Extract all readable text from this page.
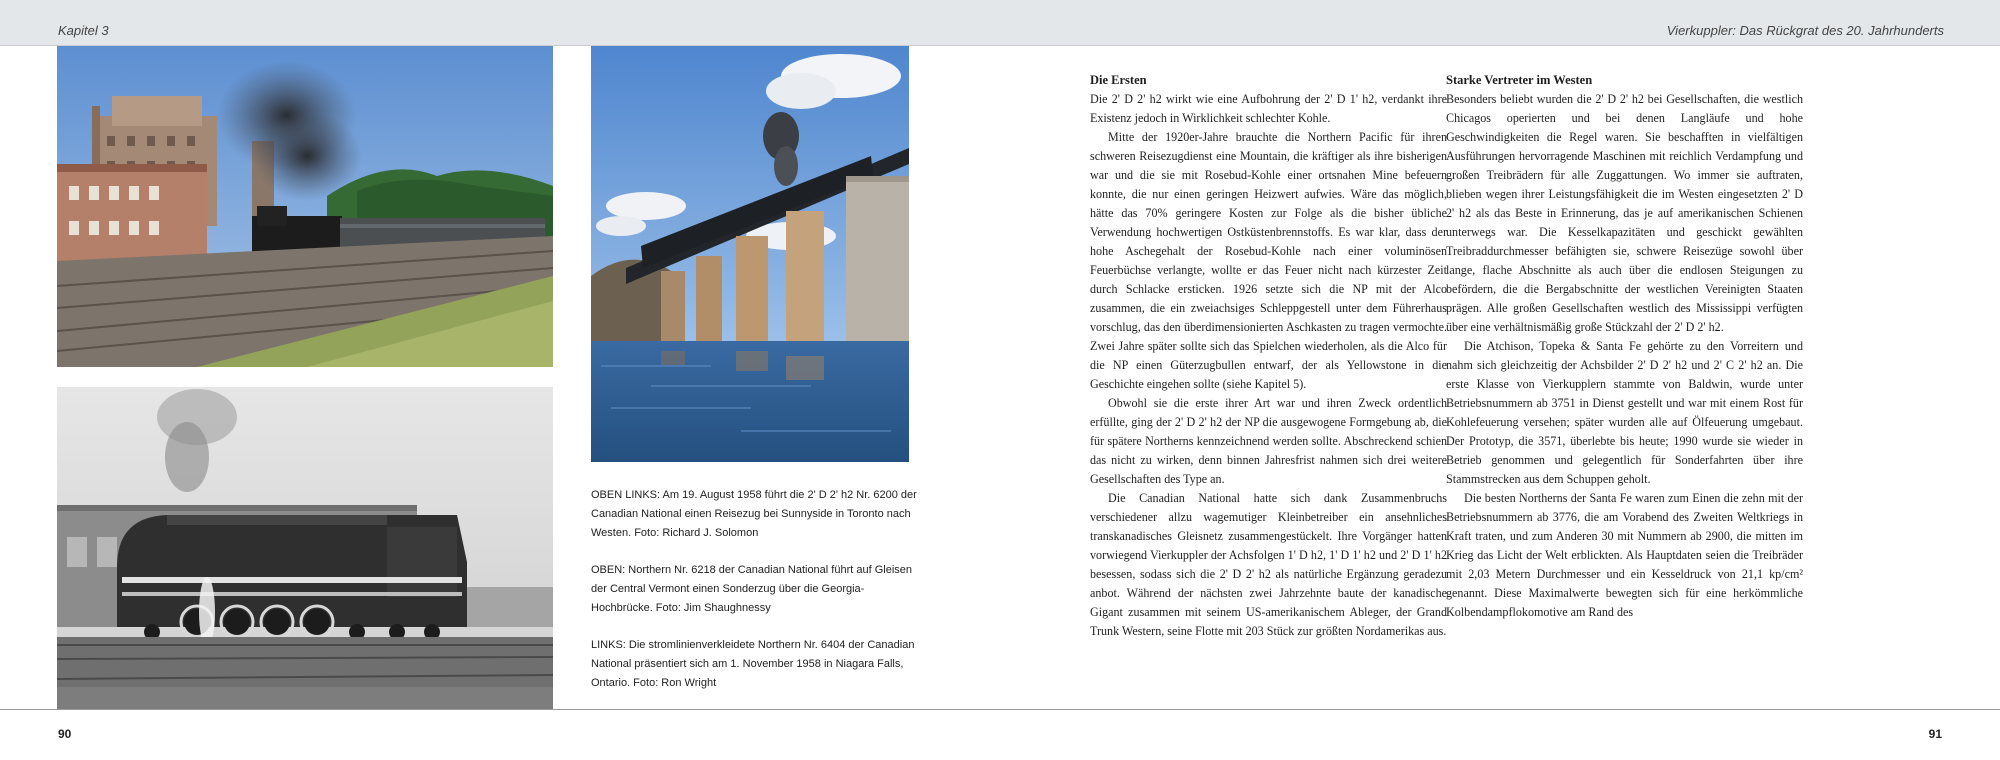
Kapitel 3	Vierkuppler: Das Rückgrat des 20. Jahrhunderts

OBEN LINKS: Am 19. August 1958 führt die 2' D 2' h2 Nr. 6200 der Canadian National einen Reisezug bei Sunnyside in Toronto nach Westen. Foto: Richard J. Solomon

OBEN: Northern Nr. 6218 der Canadian National führt auf Gleisen der Central Vermont einen Sonderzug über die Georgia-Hochbrücke. Foto: Jim Shaughnessy

LINKS: Die stromlinienverkleidete Northern Nr. 6404 der Canadian National präsentiert sich am 1. November 1958 in Niagara Falls, Ontario. Foto: Ron Wright

Die Ersten

Die 2' D 2' h2 wirkt wie eine Aufbohrung der 2' D 1' h2, verdankt ihre Existenz jedoch in Wirklichkeit schlechter Kohle.

Mitte der 1920er-Jahre brauchte die Northern Pacific für ihren schweren Reisezugdienst eine Mountain, die kräftiger als ihre bisherigen war und die sie mit Rosebud-Kohle einer ortsnahen Mine befeuern konnte, die nur einen geringen Heizwert aufwies. Wäre das möglich, hätte das 70% geringere Kosten zur Folge als die bisher übliche Verwendung hochwertigen Ostküstenbrennstoffs. Es war klar, dass der hohe Aschegehalt der Rosebud-Kohle nach einer voluminösen Feuerbüchse verlangte, wollte er das Feuer nicht nach kürzester Zeit durch Schlacke ersticken. 1926 setzte sich die NP mit der Alco zusammen, die ein zweiachsiges Schleppgestell unter dem Führerhaus vorschlug, das den überdimensionierten Aschkasten zu tragen vermochte. Zwei Jahre später sollte sich das Spielchen wiederholen, als die Alco für die NP einen Güterzugbullen entwarf, der als Yellowstone in die Geschichte eingehen sollte (siehe Kapitel 5).

Obwohl sie die erste ihrer Art war und ihren Zweck ordentlich erfüllte, ging der 2' D 2' h2 der NP die ausgewogene Formgebung ab, die für spätere Northerns kennzeichnend werden sollte. Abschreckend schien das nicht zu wirken, denn binnen Jahresfrist nahmen sich drei weitere Gesellschaften des Type an.

Die Canadian National hatte sich dank Zusammenbruchs verschiedener allzu wagemutiger Kleinbetreiber ein ansehnliches transkanadisches Gleisnetz zusammengestückelt. Ihre Vorgänger hatten vorwiegend Vierkuppler der Achsfolgen 1' D h2, 1' D 1' h2 und 2' D 1' h2 besessen, sodass sich die 2' D 2' h2 als natürliche Ergänzung geradezu anbot. Während der nächsten zwei Jahrzehnte baute der kanadische Gigant zusammen mit seinem US-amerikanischem Ableger, der Grand Trunk Western, seine Flotte mit 203 Stück zur größten Nordamerikas aus.

Starke Vertreter im Westen

Besonders beliebt wurden die 2' D 2' h2 bei Gesellschaften, die westlich Chicagos operierten und bei denen Langläufe und hohe Geschwindigkeiten die Regel waren. Sie beschafften in vielfältigen Ausführungen hervorragende Maschinen mit reichlich Verdampfung und großen Treibrädern für alle Zuggattungen. Wo immer sie auftraten, blieben wegen ihrer Leistungsfähigkeit die im Westen eingesetzten 2' D 2' h2 als das Beste in Erinnerung, das je auf amerikanischen Schienen unterwegs war. Die Kesselkapazitäten und geschickt gewählten Treibraddurchmesser befähigten sie, schwere Reisezüge sowohl über lange, flache Abschnitte als auch über die endlosen Steigungen zu befördern, die die Bergabschnitte der westlichen Vereinigten Staaten prägen. Alle großen Gesellschaften westlich des Mississippi verfügten über eine verhältnismäßig große Stückzahl der 2' D 2' h2.

Die Atchison, Topeka & Santa Fe gehörte zu den Vorreitern und nahm sich gleichzeitig der Achsbilder 2' D 2' h2 und 2' C 2' h2 an. Die erste Klasse von Vierkupplern stammte von Baldwin, wurde unter Betriebsnummern ab 3751 in Dienst gestellt und war mit einem Rost für Kohlefeuerung versehen; später wurden alle auf Ölfeuerung umgebaut. Der Prototyp, die 3571, überlebte bis heute; 1990 wurde sie wieder in Betrieb genommen und gelegentlich für Sonderfahrten über ihre Stammstrecken aus dem Schuppen geholt.

Die besten Northerns der Santa Fe waren zum Einen die zehn mit der Betriebsnummern ab 3776, die am Vorabend des Zweiten Weltkriegs in Kraft traten, und zum Anderen 30 mit Nummern ab 2900, die mitten im Krieg das Licht der Welt erblickten. Als Hauptdaten seien die Treibräder mit 2,03 Metern Durchmesser und ein Kesseldruck von 21,1 kp/cm² genannt. Diese Maximalwerte bewegten sich für eine herkömmliche Kolbendampflokomotive am Rand des

90	91
